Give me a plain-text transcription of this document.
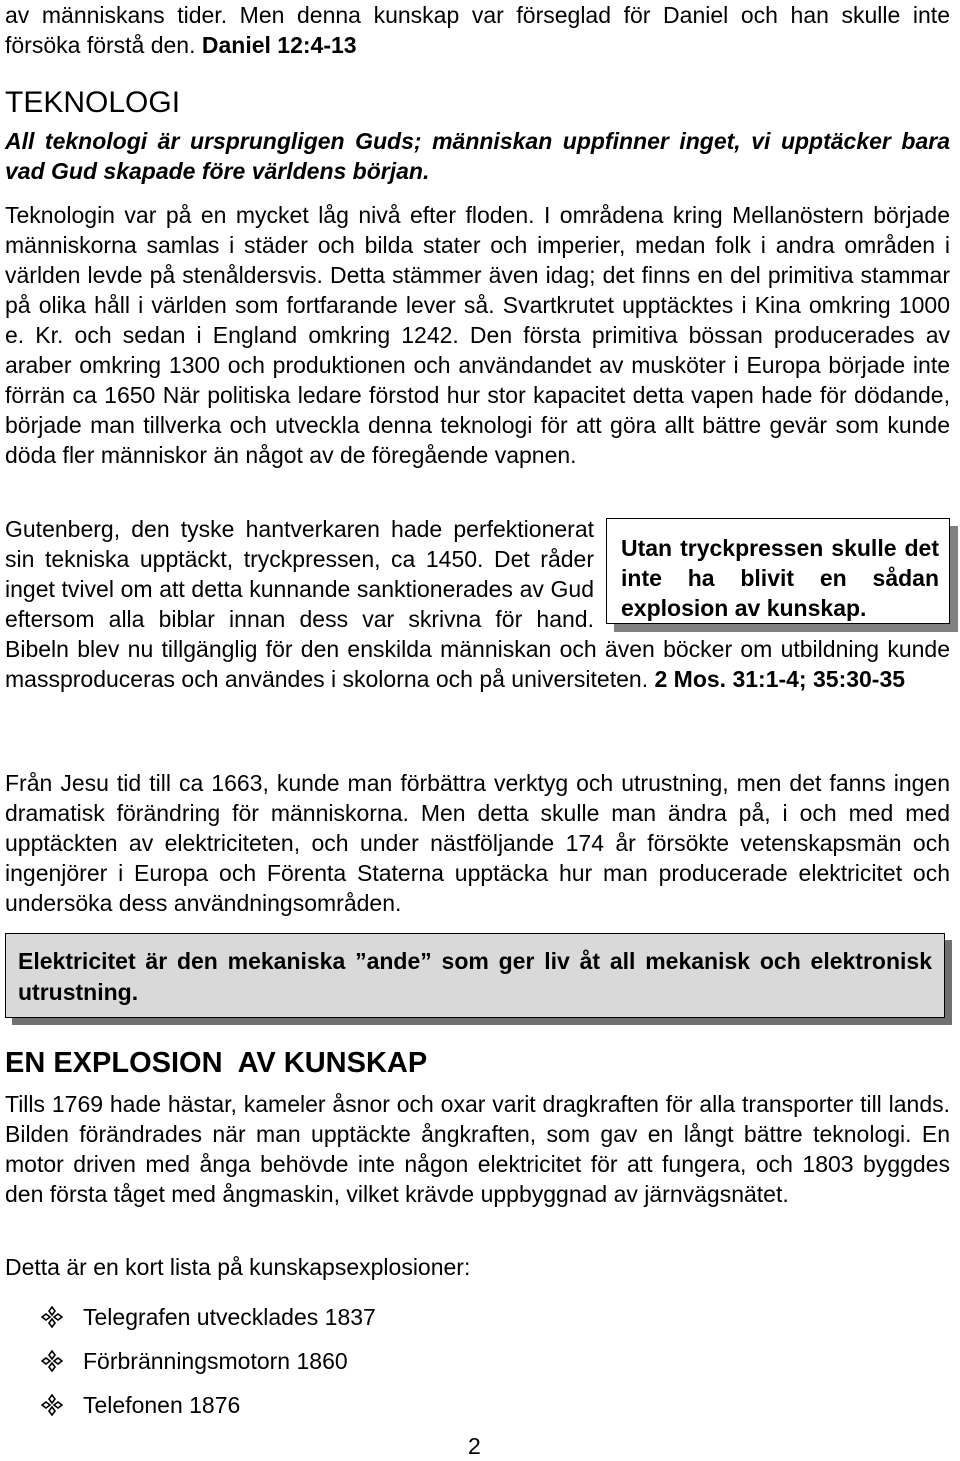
av människans tider. Men denna kunskap var förseglad för Daniel och han skulle inte försöka förstå den. Daniel 12:4-13

TEKNOLOGI

All teknologi är ursprungligen Guds; människan uppfinner inget, vi upptäcker bara vad Gud skapade före världens början.

Teknologin var på en mycket låg nivå efter floden. I områdena kring Mellanöstern började människorna samlas i städer och bilda stater och imperier, medan folk i andra områden i världen levde på stenåldersvis. Detta stämmer även idag; det finns en del primitiva stammar på olika håll i världen som fortfarande lever så. Svartkrutet upptäcktes i Kina omkring 1000 e. Kr. och sedan i England omkring 1242. Den första primitiva bössan producerades av araber omkring 1300 och produktionen och användandet av musköter i Europa började inte förrän ca 1650 När politiska ledare förstod hur stor kapacitet detta vapen hade för dödande, började man tillverka och utveckla denna teknologi för att göra allt bättre gevär som kunde döda fler människor än något av de föregående vapnen.

Utan tryckpressen skulle det inte ha blivit en sådan explosion av kunskap.

Gutenberg, den tyske hantverkaren hade perfektionerat sin tekniska upptäckt, tryckpressen, ca 1450. Det råder inget tvivel om att detta kunnande sanktionerades av Gud eftersom alla biblar innan dess var skrivna för hand. Bibeln blev nu tillgänglig för den enskilda människan och även böcker om utbildning kunde massproduceras och användes i skolorna och på universiteten. 2 Mos. 31:1-4; 35:30-35

Från Jesu tid till ca 1663, kunde man förbättra verktyg och utrustning, men det fanns ingen dramatisk förändring för människorna. Men detta skulle man ändra på, i och med med upptäckten av elektriciteten, och under nästföljande 174 år försökte vetenskapsmän och ingenjörer i Europa och Förenta Staterna upptäcka hur man producerade elektricitet och undersöka dess användningsområden.

Elektricitet är den mekaniska ”ande” som ger liv åt all mekanisk och elektronisk utrustning.

EN EXPLOSION  AV KUNSKAP

Tills 1769 hade hästar, kameler åsnor och oxar varit dragkraften för alla transporter till lands. Bilden förändrades när man upptäckte ångkraften, som gav en långt bättre teknologi. En motor driven med ånga behövde inte någon elektricitet för att fungera, och 1803 byggdes den första tåget med ångmaskin, vilket krävde uppbyggnad av järnvägsnätet.

Detta är en kort lista på kunskapsexplosioner:

Telegrafen utvecklades 1837
Förbränningsmotorn 1860
Telefonen 1876
2
